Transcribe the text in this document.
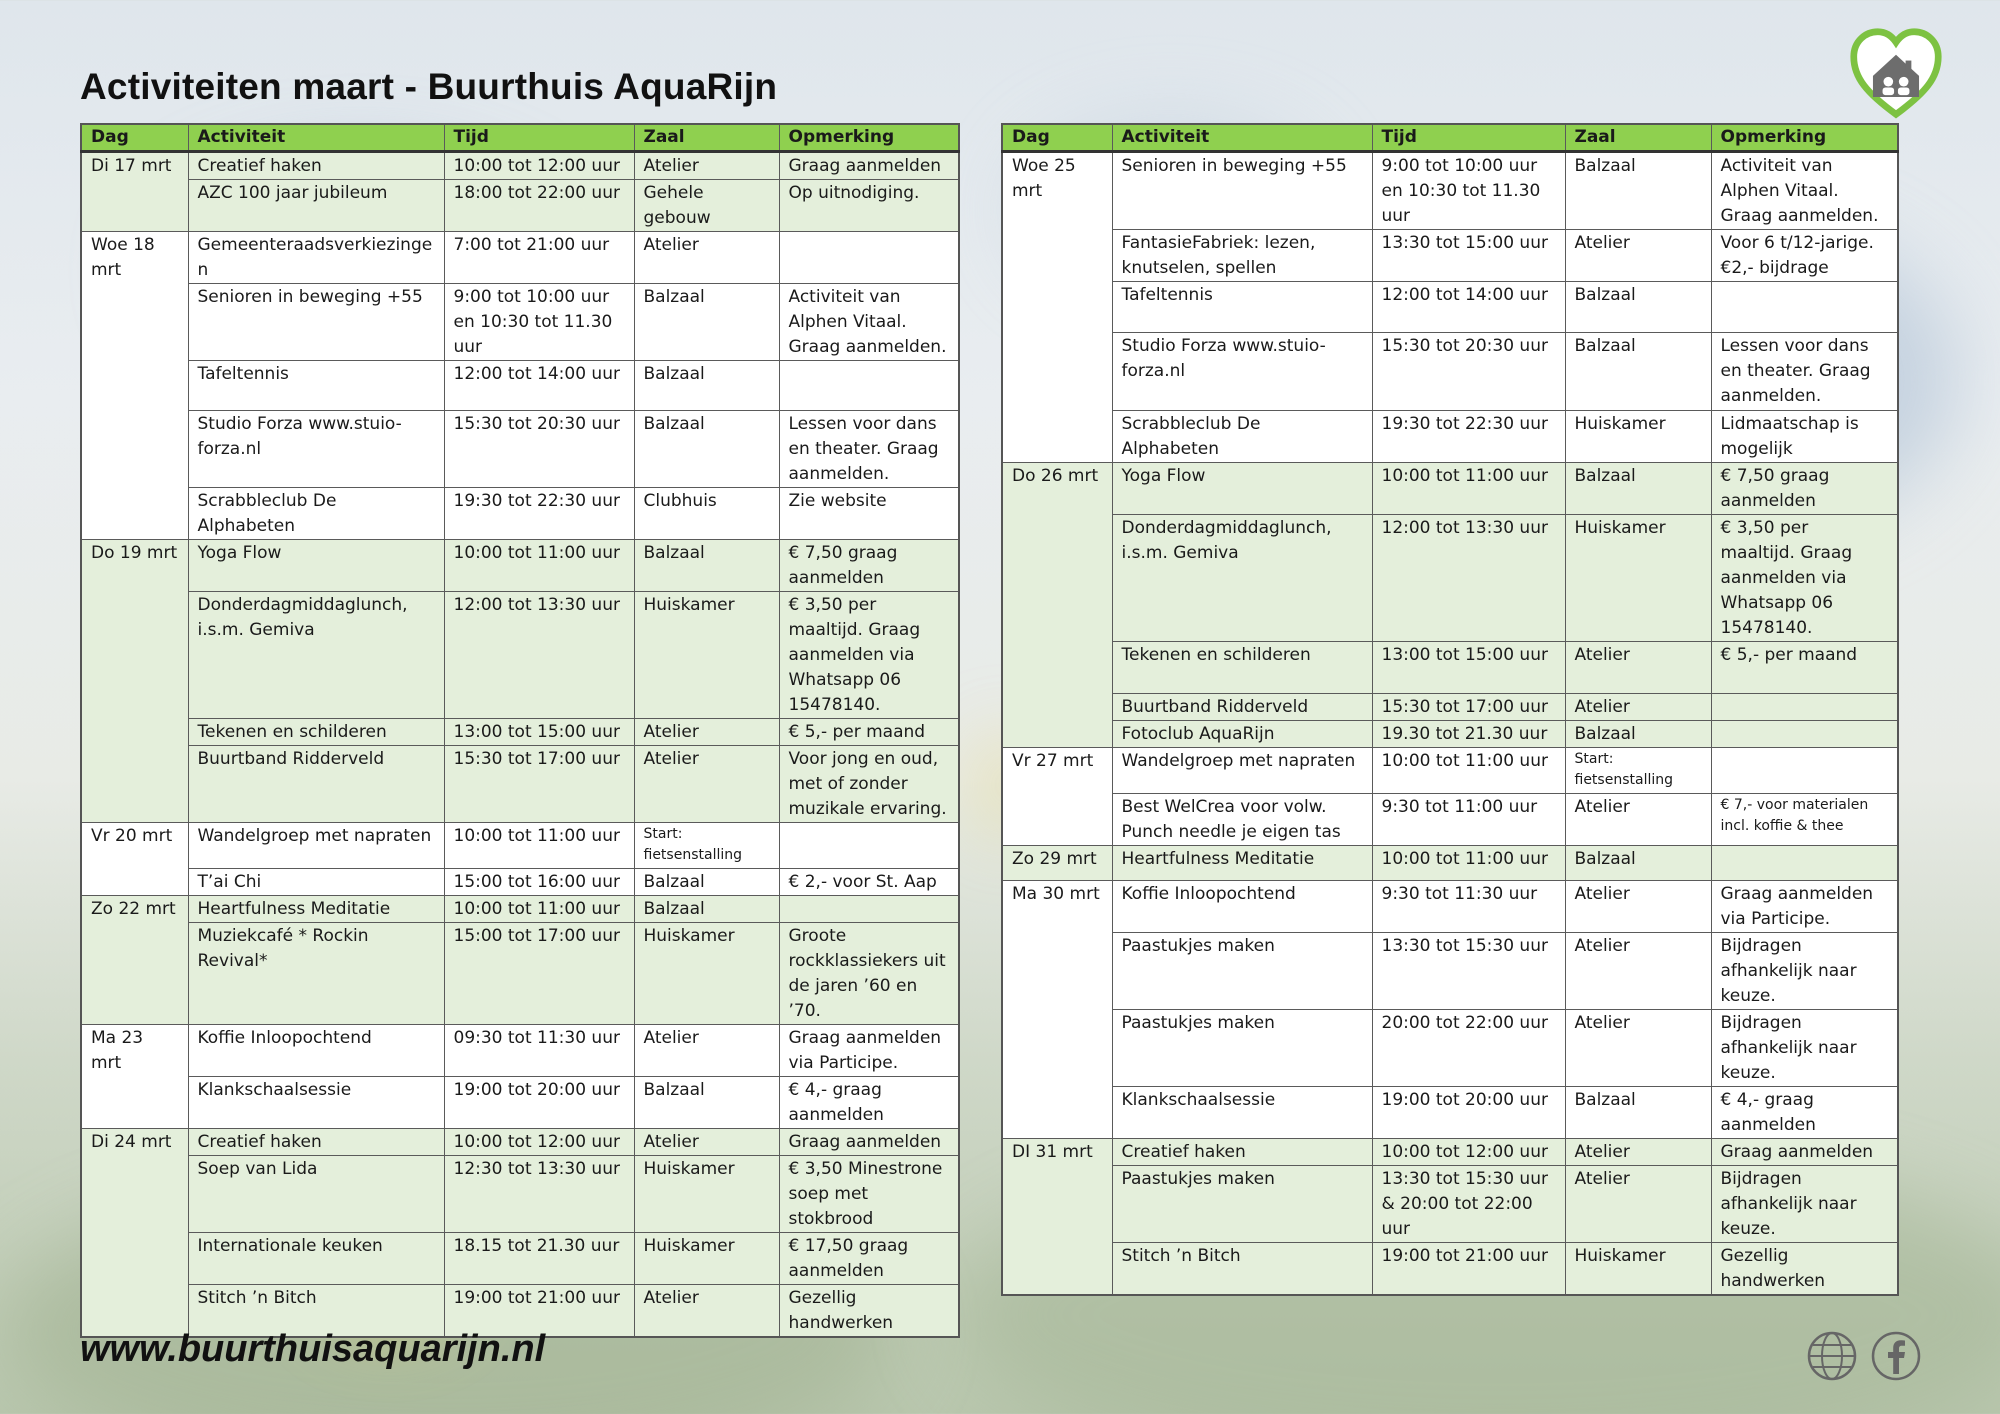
Activiteiten maart - Buurthuis AquaRijn
Dag	Activiteit	Tijd	Zaal	Opmerking
Di 17 mrt	Creatief haken	10:00 tot 12:00 uur	Atelier	Graag aanmelden
	AZC 100 jaar jubileum	18:00 tot 22:00 uur	Gehele gebouw	Op uitnodiging.
Woe 18 mrt	Gemeenteraadsverkiezingen	7:00 tot 21:00 uur	Atelier	
	Senioren in beweging +55	9:00 tot 10:00 uur en 10:30 tot 11.30 uur	Balzaal	Activiteit van Alphen Vitaal. Graag aanmelden.
	Tafeltennis	12:00 tot 14:00 uur	Balzaal	
	Studio Forza www.stuio-forza.nl	15:30 tot 20:30 uur	Balzaal	Lessen voor dans en theater. Graag aanmelden.
	Scrabbleclub De Alphabeten	19:30 tot 22:30 uur	Clubhuis	Zie website
Do 19 mrt	Yoga Flow	10:00 tot 11:00 uur	Balzaal	€ 7,50 graag aanmelden
	Donderdagmiddaglunch, i.s.m. Gemiva	12:00 tot 13:30 uur	Huiskamer	€ 3,50 per maaltijd. Graag aanmelden via Whatsapp 06 15478140.
	Tekenen en schilderen	13:00 tot 15:00 uur	Atelier	€ 5,- per maand
	Buurtband Ridderveld	15:30 tot 17:00 uur	Atelier	Voor jong en oud, met of zonder muzikale ervaring.
Vr 20 mrt	Wandelgroep met napraten	10:00 tot 11:00 uur	Start: fietsenstalling	
	T’ai Chi	15:00 tot 16:00 uur	Balzaal	€ 2,- voor St. Aap
Zo 22 mrt	Heartfulness Meditatie	10:00 tot 11:00 uur	Balzaal	
	Muziekcafé * Rockin Revival*	15:00 tot 17:00 uur	Huiskamer	Groote rockklassiekers uit de jaren ’60 en ’70.
Ma 23 mrt	Koffie Inloopochtend	09:30 tot 11:30 uur	Atelier	Graag aanmelden via Participe.
	Klankschaalsessie	19:00 tot 20:00 uur	Balzaal	€ 4,- graag aanmelden
Di 24 mrt	Creatief haken	10:00 tot 12:00 uur	Atelier	Graag aanmelden
	Soep van Lida	12:30 tot 13:30 uur	Huiskamer	€ 3,50 Minestrone soep met stokbrood
	Internationale keuken	18.15 tot 21.30 uur	Huiskamer	€ 17,50 graag aanmelden
	Stitch ’n Bitch	19:00 tot 21:00 uur	Atelier	Gezellig handwerken
Dag	Activiteit	Tijd	Zaal	Opmerking
Woe 25 mrt	Senioren in beweging +55	9:00 tot 10:00 uur en 10:30 tot 11.30 uur	Balzaal	Activiteit van Alphen Vitaal. Graag aanmelden.
	FantasieFabriek: lezen, knutselen, spellen	13:30 tot 15:00 uur	Atelier	Voor 6 t/12-jarige. €2,- bijdrage
	Tafeltennis	12:00 tot 14:00 uur	Balzaal	
	Studio Forza www.stuio-forza.nl	15:30 tot 20:30 uur	Balzaal	Lessen voor dans en theater. Graag aanmelden.
	Scrabbleclub De Alphabeten	19:30 tot 22:30 uur	Huiskamer	Lidmaatschap is mogelijk
Do 26 mrt	Yoga Flow	10:00 tot 11:00 uur	Balzaal	€ 7,50 graag aanmelden
	Donderdagmiddaglunch, i.s.m. Gemiva	12:00 tot 13:30 uur	Huiskamer	€ 3,50 per maaltijd. Graag aanmelden via Whatsapp 06 15478140.
	Tekenen en schilderen	13:00 tot 15:00 uur	Atelier	€ 5,- per maand
	Buurtband Ridderveld	15:30 tot 17:00 uur	Atelier	
	Fotoclub AquaRijn	19.30 tot 21.30 uur	Balzaal	
Vr 27 mrt	Wandelgroep met napraten	10:00 tot 11:00 uur	Start: fietsenstalling	
	Best WelCrea voor volw. Punch needle je eigen tas	9:30 tot 11:00 uur	Atelier	€ 7,- voor materialen incl. koffie & thee
Zo 29 mrt	Heartfulness Meditatie	10:00 tot 11:00 uur	Balzaal	
Ma 30 mrt	Koffie Inloopochtend	9:30 tot 11:30 uur	Atelier	Graag aanmelden via Participe.
	Paastukjes maken	13:30 tot 15:30 uur	Atelier	Bijdragen afhankelijk naar keuze.
	Paastukjes maken	20:00 tot 22:00 uur	Atelier	Bijdragen afhankelijk naar keuze.
	Klankschaalsessie	19:00 tot 20:00 uur	Balzaal	€ 4,- graag aanmelden
DI 31 mrt	Creatief haken	10:00 tot 12:00 uur	Atelier	Graag aanmelden
	Paastukjes maken	13:30 tot 15:30 uur & 20:00 tot 22:00 uur	Atelier	Bijdragen afhankelijk naar keuze.
	Stitch ’n Bitch	19:00 tot 21:00 uur	Huiskamer	Gezellig handwerken
www.buurthuisaquarijn.nl
